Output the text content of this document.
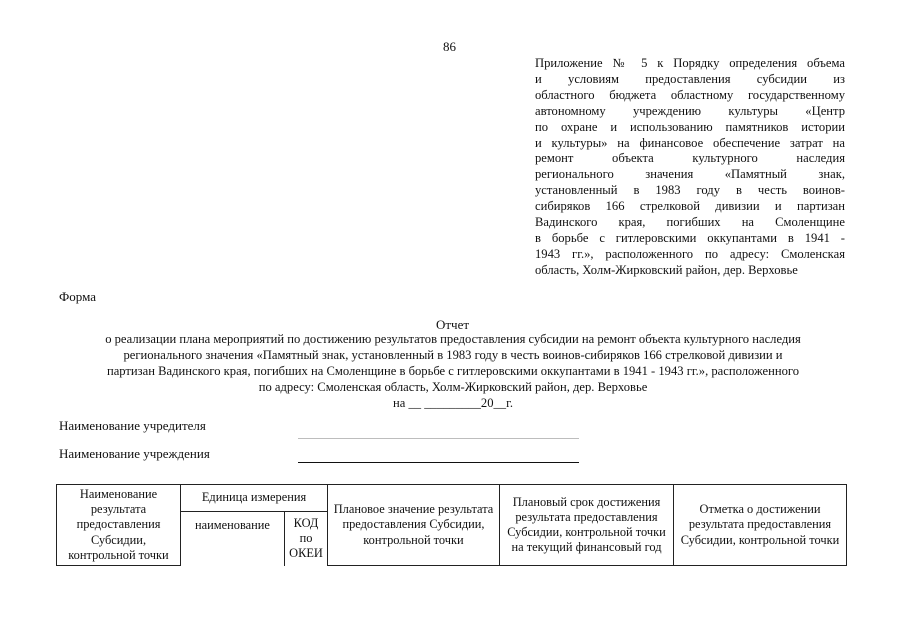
86
Приложение № 5 к Порядку определения объема
и условиям предоставления субсидии из
областного бюджета областному государственному
автономному учреждению культуры «Центр
по охране и использованию памятников истории
и культуры» на финансовое обеспечение затрат на
ремонт объекта культурного наследия
регионального значения «Памятный знак,
установленный в 1983 году в честь воинов-
сибиряков 166 стрелковой дивизии и партизан
Вадинского края, погибших на Смоленщине
в борьбе с гитлеровскими оккупантами в 1941 -
1943 гг.», расположенного по адресу: Смоленская
область, Холм-Жирковский район, дер. Верховье
Форма
Отчет
о реализации плана мероприятий по достижению результатов предоставления субсидии на ремонт объекта культурного наследия
регионального значения «Памятный знак, установленный в 1983 году в честь воинов-сибиряков 166 стрелковой дивизии и
партизан Вадинского края, погибших на Смоленщине в борьбе с гитлеровскими оккупантами в 1941 - 1943 гг.», расположенного
по адресу: Смоленская область, Холм-Жирковский район, дер. Верховье
на __ _________20__г.
Наименование учредителя
Наименование учреждения
Наименование результата предоставления Субсидии, контрольной точки	Единица измерения		Плановое значение результата предоставления Субсидии, контрольной точки	Плановый срок достижения результата предоставления Субсидии, контрольной точки на текущий финансовый год	Отметка о достижении результата предоставления Субсидии, контрольной точки
	наименование	КОД по ОКЕИ			
